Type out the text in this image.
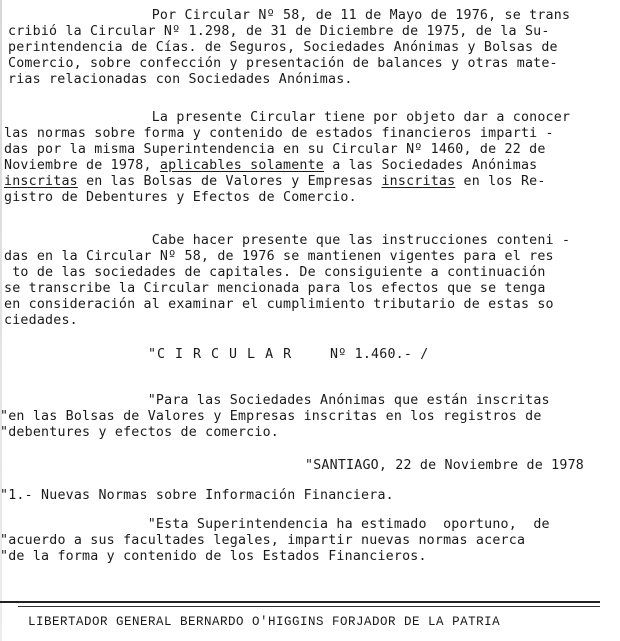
Por Circular Nº 58, de 11 de Mayo de 1976, se trans
cribió la Circular Nº 1.298, de 31 de Diciembre de 1975, de la Su-
perintendencia de Cías. de Seguros, Sociedades Anónimas y Bolsas de
Comercio, sobre confección y presentación de balances y otras mate-
rias relacionadas con Sociedades Anónimas.
La presente Circular tiene por objeto dar a conocer
las normas sobre forma y contenido de estados financieros imparti -
das por la misma Superintendencia en su Circular Nº 1460, de 22 de
Noviembre de 1978, aplicables solamente a las Sociedades Anónimas
inscritas en las Bolsas de Valores y Empresas inscritas en los Re-
gistro de Debentures y Efectos de Comercio.
Cabe hacer presente que las instrucciones conteni -
das en la Circular Nº 58, de 1976 se mantienen vigentes para el res
to de las sociedades de capitales. De consiguiente a continuación
se transcribe la Circular mencionada para los efectos que se tenga
en consideración al examinar el cumplimiento tributario de estas so
ciedades.
"C I R C U L A R	Nº 1.460.- /
"Para las Sociedades Anónimas que están inscritas
"en las Bolsas de Valores y Empresas inscritas en los registros de
"debentures y efectos de comercio.
"SANTIAGO, 22 de Noviembre de 1978
"1.- Nuevas Normas sobre Información Financiera.
"Esta Superintendencia ha estimado  oportuno,  de
"acuerdo a sus facultades legales, impartir nuevas normas acerca
"de la forma y contenido de los Estados Financieros.
LIBERTADOR GENERAL BERNARDO O'HIGGINS FORJADOR DE LA PATRIA
